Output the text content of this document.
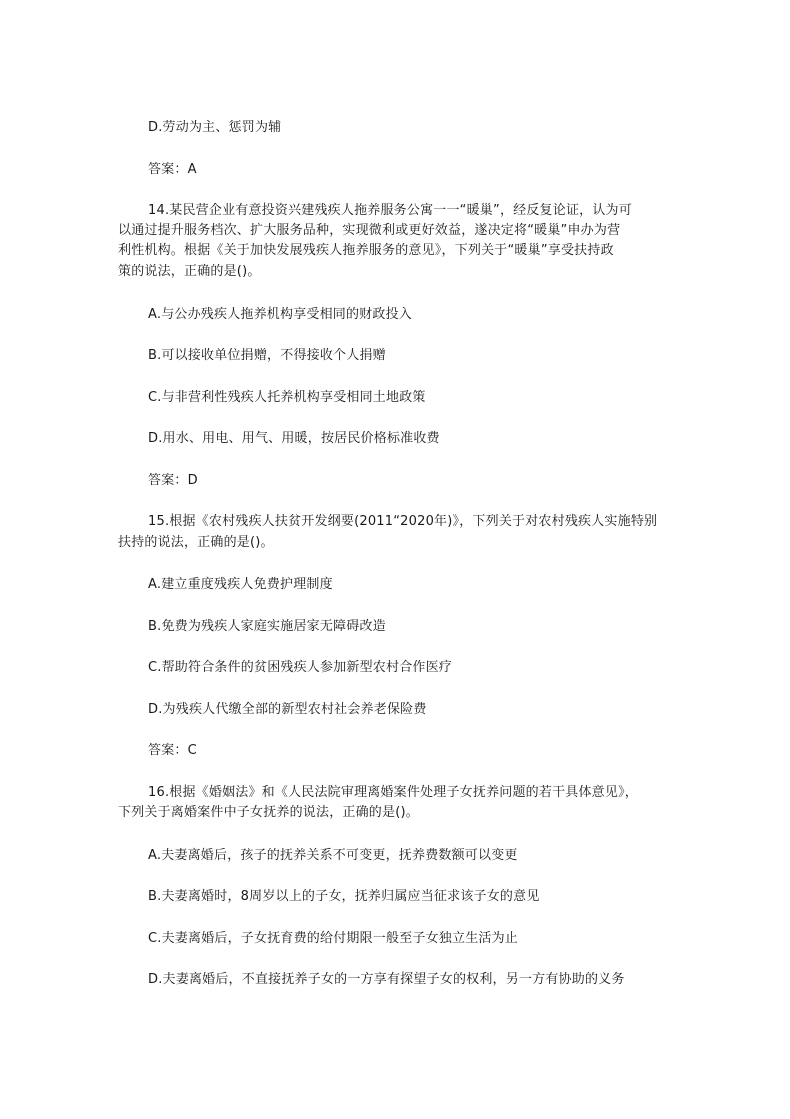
D.劳动为主、惩罚为辅
答案：A
14.某民营企业有意投资兴建残疾人拖养服务公寓一一“暖巢”，经反复论证，认为可
以通过提升服务档次、扩大服务品种，实现微利或更好效益，遂决定将“暖巢”申办为营
利性机构。根据《关于加快发展残疾人拖养服务的意见》，下列关于“暖巢”享受扶持政
策的说法，正确的是()。
A.与公办残疾人拖养机构享受相同的财政投入
B.可以接收单位捐赠，不得接收个人捐赠
C.与非营利性残疾人托养机构享受相同土地政策
D.用水、用电、用气、用暖，按居民价格标准收费
答案：D
15.根据《农村残疾人扶贫开发纲要(2011“2020年)》，下列关于对农村残疾人实施特别
扶持的说法，正确的是()。
A.建立重度残疾人免费护理制度
B.免费为残疾人家庭实施居家无障碍改造
C.帮助符合条件的贫困残疾人参加新型农村合作医疗
D.为残疾人代缴全部的新型农村社会养老保险费
答案：C
16.根据《婚姻法》和《人民法院审理离婚案件处理子女抚养问题的若干具体意见》，
下列关于离婚案件中子女抚养的说法，正确的是()。
A.夫妻离婚后，孩子的抚养关系不可变更，抚养费数额可以变更
B.夫妻离婚时，8周岁以上的子女，抚养归属应当征求该子女的意见
C.夫妻离婚后，子女抚育费的给付期限一般至子女独立生活为止
D.夫妻离婚后，不直接抚养子女的一方享有探望子女的权利，另一方有协助的义务
